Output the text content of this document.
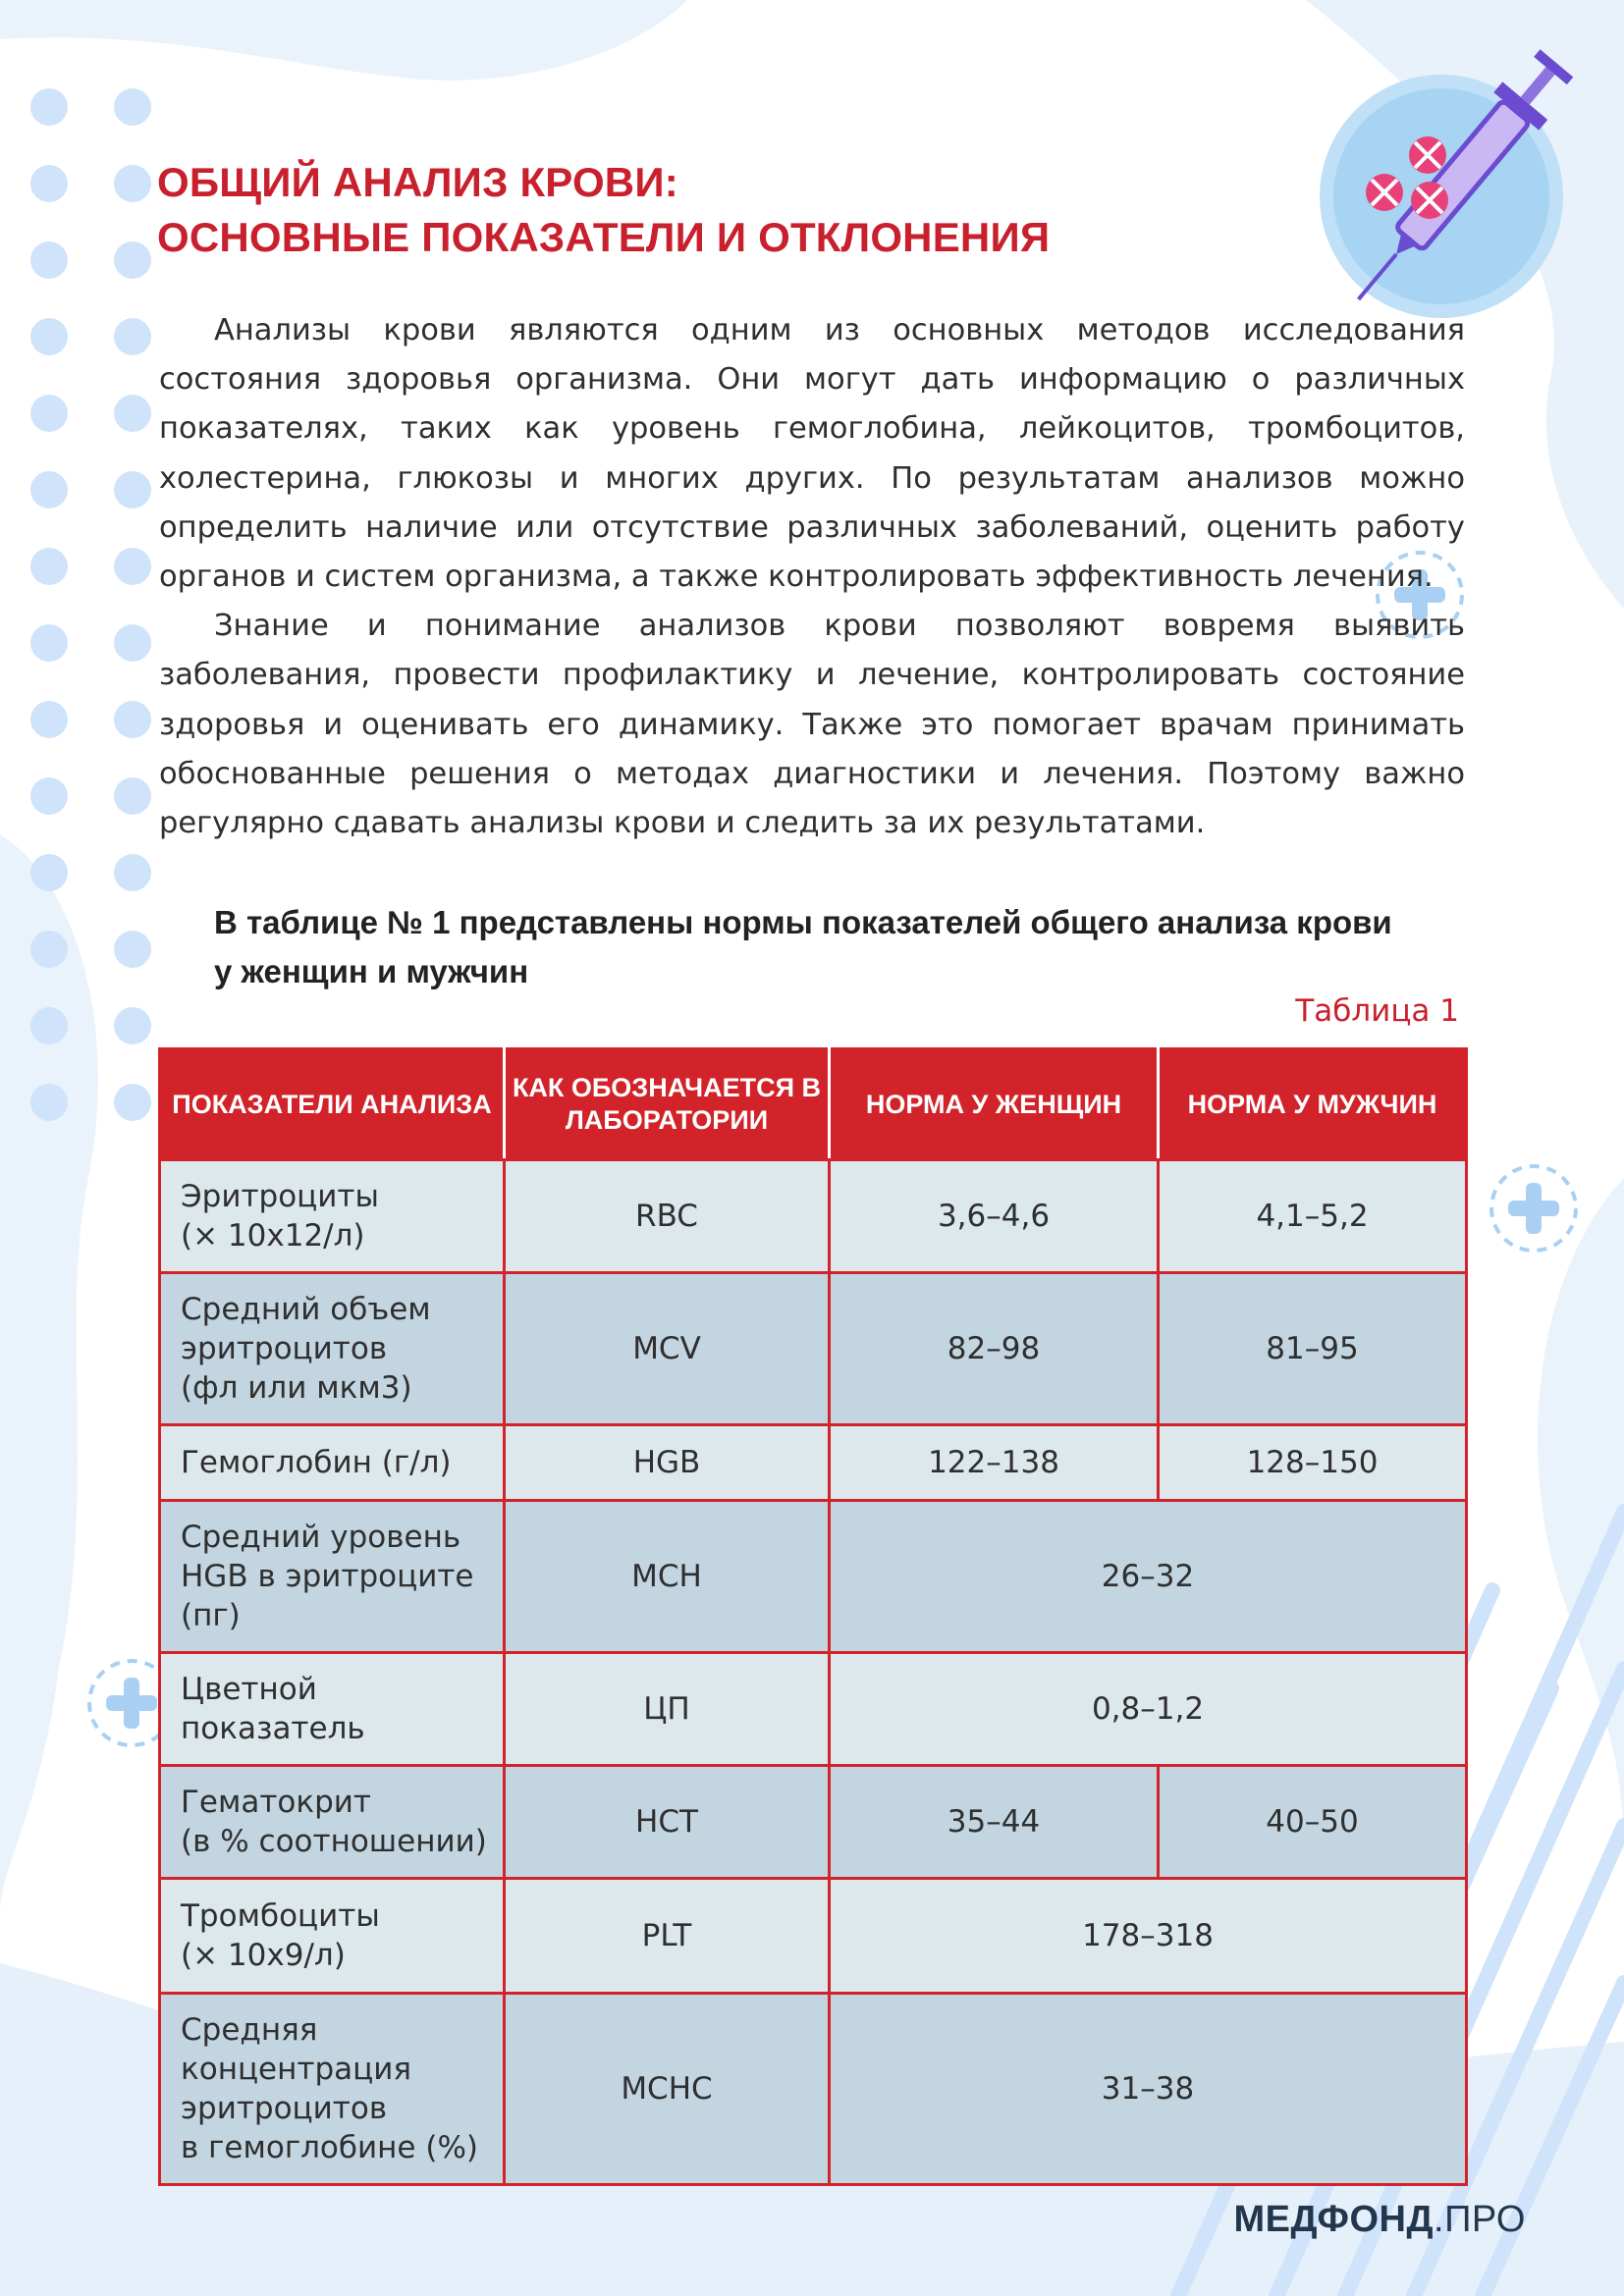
ОБЩИЙ АНАЛИЗ КРОВИ:
ОСНОВНЫЕ ПОКАЗАТЕЛИ И ОТКЛОНЕНИЯ

Анализы крови являются одним из основных методов исследования состояния здоровья организма. Они могут дать информацию о различных показателях, таких как уровень гемоглобина, лейкоцитов, тромбоцитов, холестерина, глюкозы и многих других. По результатам анализов можно определить наличие или отсутствие различных заболеваний, оценить работу органов и систем организма, а также контролировать эффективность лечения.

Знание и понимание анализов крови позволяют вовремя выявить заболевания, провести профилактику и лечение, контролировать состояние здоровья и оценивать его динамику. Также это помогает врачам принимать обоснованные решения о методах диагностики и лечения. Поэтому важно регулярно сдавать анализы крови и следить за их результатами.

В таблице № 1 представлены нормы показателей общего анализа крови у женщин и мужчин
Таблица 1
ПОКАЗАТЕЛИ АНАЛИЗА	КАК ОБОЗНАЧАЕТСЯ В ЛАБОРАТОРИИ	НОРМА У ЖЕНЩИН	НОРМА У МУЖЧИН

Эритроциты
(× 10х12/л)	RBC	3,6–4,6	4,1–5,2

Средний объем
эритроцитов
(фл или мкм3)	MCV	82–98	81–95

Гемоглобин (г/л)	HGB	122–138	128–150

Средний уровень
HGB в эритроците
(пг)	MCH	26–32	

Цветной
показатель	ЦП	0,8–1,2	

Гематокрит
(в % соотношении)	HCT	35–44	40–50

Тромбоциты
(× 10х9/л)	PLT	178–318	

Средняя
концентрация
эритроцитов
в гемоглобине (%)	MCHC	31–38	
МЕДФОНД.ПРО
